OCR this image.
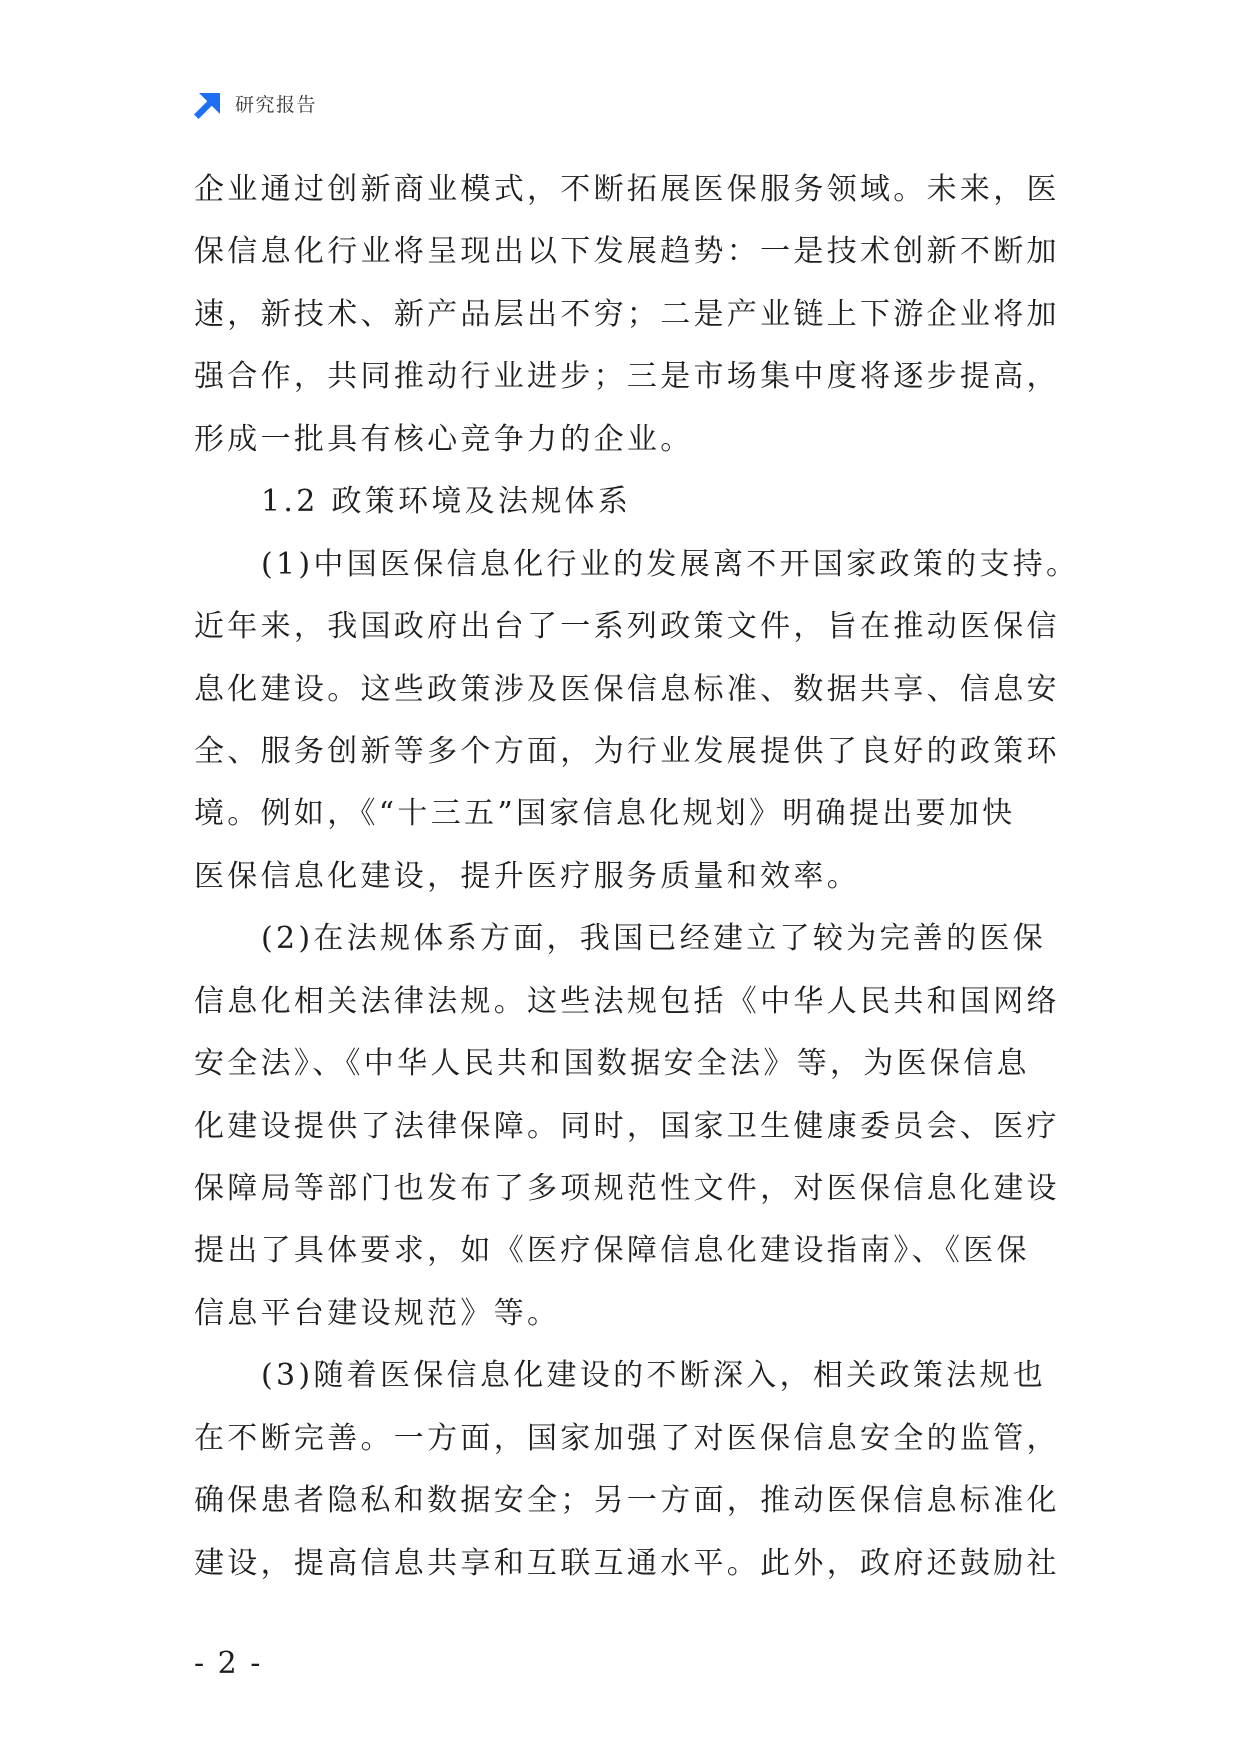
研究报告
企业通过创新商业模式，不断拓展医保服务领域。未来，医
保信息化行业将呈现出以下发展趋势：一是技术创新不断加
速，新技术、新产品层出不穷；二是产业链上下游企业将加
强合作，共同推动行业进步；三是市场集中度将逐步提高，
形成一批具有核心竞争力的企业。
1.2 政策环境及法规体系
(1)中国医保信息化行业的发展离不开国家政策的支持。
近年来，我国政府出台了一系列政策文件，旨在推动医保信
息化建设。这些政策涉及医保信息标准、数据共享、信息安
全、服务创新等多个方面，为行业发展提供了良好的政策环
境。例如，《“十三五”国家信息化规划》明确提出要加快
医保信息化建设，提升医疗服务质量和效率。
(2)在法规体系方面，我国已经建立了较为完善的医保
信息化相关法律法规。这些法规包括《中华人民共和国网络
安全法》、《中华人民共和国数据安全法》等，为医保信息
化建设提供了法律保障。同时，国家卫生健康委员会、医疗
保障局等部门也发布了多项规范性文件，对医保信息化建设
提出了具体要求，如《医疗保障信息化建设指南》、《医保
信息平台建设规范》等。
(3)随着医保信息化建设的不断深入，相关政策法规也
在不断完善。一方面，国家加强了对医保信息安全的监管，
确保患者隐私和数据安全；另一方面，推动医保信息标准化
建设，提高信息共享和互联互通水平。此外，政府还鼓励社
- 2 -
